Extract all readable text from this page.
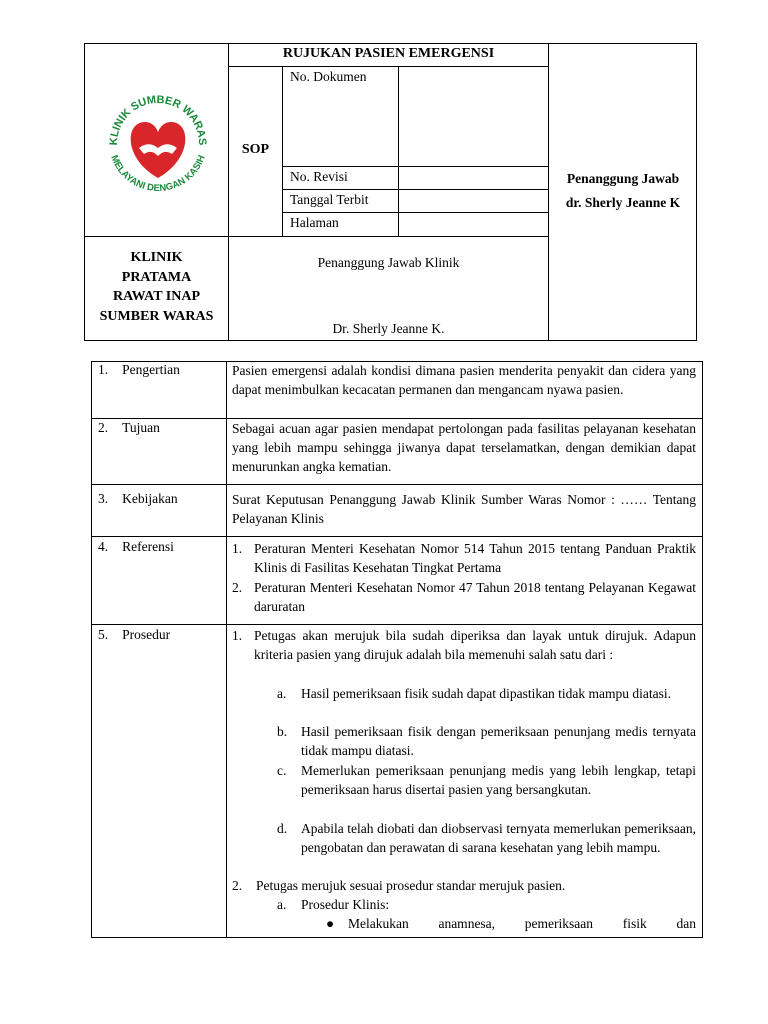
KLINIK SUMBER WARAS
MELAYANI DENGAN KASIH
RUJUKAN PASIEN EMERGENSI
SOP
No. Dokumen
No. Revisi
Tanggal Terbit
Halaman
Penanggung Jawab
dr. Sherly Jeanne K
KLINIK
PRATAMA
RAWAT INAP
SUMBER WARAS
Penanggung Jawab Klinik
Dr. Sherly Jeanne K.
1. Pengertian
2. Tujuan
3. Kebijakan
4. Referensi
5. Prosedur
Pasien emergensi adalah kondisi dimana pasien menderita penyakit dan cidera yang dapat menimbulkan kecacatan permanen dan mengancam nyawa pasien.
Sebagai acuan agar pasien mendapat pertolongan pada fasilitas pelayanan kesehatan yang lebih mampu sehingga jiwanya dapat terselamatkan, dengan demikian dapat menurunkan angka kematian.
Surat Keputusan Penanggung Jawab Klinik Sumber Waras Nomor : …… Tentang Pelayanan Klinis
1. Peraturan Menteri Kesehatan Nomor 514 Tahun 2015 tentang Panduan Praktik Klinis di Fasilitas Kesehatan Tingkat Pertama
2. Peraturan Menteri Kesehatan Nomor 47 Tahun 2018 tentang Pelayanan Kegawat daruratan
1. Petugas akan merujuk bila sudah diperiksa dan layak untuk dirujuk. Adapun kriteria pasien yang dirujuk adalah bila memenuhi salah satu dari :
a. Hasil pemeriksaan fisik sudah dapat dipastikan tidak mampu diatasi.
b. Hasil pemeriksaan fisik dengan pemeriksaan penunjang medis ternyata tidak mampu diatasi.
c. Memerlukan pemeriksaan penunjang medis yang lebih lengkap, tetapi pemeriksaan harus disertai pasien yang bersangkutan.
d. Apabila telah diobati dan diobservasi ternyata memerlukan pemeriksaan, pengobatan dan perawatan di sarana kesehatan yang lebih mampu.
2. Petugas merujuk sesuai prosedur standar merujuk pasien.
a. Prosedur Klinis:
● Melakukan anamnesa, pemeriksaan fisik dan
